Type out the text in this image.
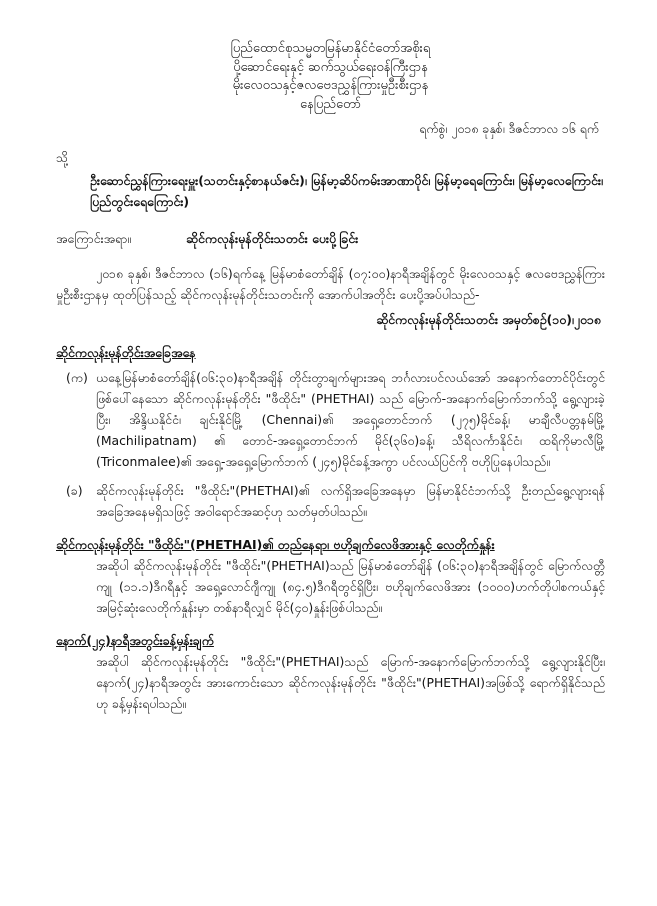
ပြည်ထောင်စုသမ္မတမြန်မာနိုင်ငံတော်အစိုးရ
ပို့ဆောင်ရေးနှင့် ဆက်သွယ်ရေးဝန်ကြီးဌာန
မိုးလေဝသနှင့်ဇလဗေဒညွှန်ကြားမှုဦးစီးဌာန
နေပြည်တော်
ရက်စွဲ၊ ၂၀၁၈ ခုနှစ်၊ ဒီဇင်ဘာလ ၁၆ ရက်
သို့
ဦးဆောင်ညွှန်ကြားရေးမှူး(သတင်းနှင့်စာနယ်ဇင်း)၊ မြန်မာ့ဆိပ်ကမ်းအာဏာပိုင်၊ မြန်မာ့ရေကြောင်း၊ မြန်မာ့လေကြောင်း၊ ပြည်တွင်းရေကြောင်း)
အကြောင်းအရာ။	ဆိုင်ကလုန်းမုန်တိုင်းသတင်း ပေးပို့ခြင်း
၂၀၁၈ ခုနှစ်၊ ဒီဇင်ဘာလ (၁၆)ရက်နေ့ မြန်မာစံတော်ချိန် (၀၇:၀၀)နာရီအချိန်တွင် မိုးလေဝသနှင့် ဇလဗေဒညွှန်ကြားမှုဦးစီးဌာနမှ ထုတ်ပြန်သည့် ဆိုင်ကလုန်းမုန်တိုင်းသတင်းကို အောက်ပါအတိုင်း ပေးပို့အပ်ပါသည်-
ဆိုင်ကလုန်းမုန်တိုင်းသတင်း အမှတ်စဉ်(၁၀)၊၂၀၁၈
ဆိုင်ကလုန်းမုန်တိုင်းအခြေအနေ
(က) ယနေ့မြန်မာစံတော်ချိန်(၀၆:၃၀)နာရီအချိန် တိုင်းတွာချက်များအရ ဘင်္ဂလားပင်လယ်အော် အနောက်တောင်ပိုင်းတွင် ဖြစ်ပေါ်နေသော ဆိုင်ကလုန်းမုန်တိုင်း "ဖီထိုင်း" (PHETHAI) သည် မြောက်-အနောက်မြောက်ဘက်သို့ ရွေ့လျားခဲ့ပြီး၊ အိန္ဒိယနိုင်ငံ၊ ချင်းနိုင်မြို့ (Chennai)၏ အရှေ့တောင်ဘက် (၂၇၅)မိုင်ခန့်၊ မာချီလီပတ္တနမ်မြို့ (Machilipatnam) ၏ တောင်-အရှေ့တောင်ဘက် မိုင်(၃၆၀)ခန့်၊ သီရိလင်္ကာနိုင်ငံ၊ ထရိကိုမာလီမြို့ (Triconmalee)၏ အရှေ့-အရှေ့မြောက်ဘက် (၂၄၅)မိုင်ခန့်အကွာ ပင်လယ်ပြင်ကို ဗဟိုပြုနေပါသည်။
(ခ)	ဆိုင်ကလုန်းမုန်တိုင်း "ဖီထိုင်း"(PHETHAI)၏ လက်ရှိအခြေအနေမှာ မြန်မာနိုင်ငံဘက်သို့ ဦးတည်ရွေ့လျားရန် အခြေအနေမရှိသဖြင့် အဝါရောင်အဆင့်ဟု သတ်မှတ်ပါသည်။
ဆိုင်ကလုန်းမုန်တိုင်း "ဖီထိုင်း"(PHETHAI)၏ တည်နေရာ၊ ဗဟိုချက်လေဖိအားနှင့် လေတိုက်နှုန်း
အဆိုပါ ဆိုင်ကလုန်းမုန်တိုင်း "ဖီထိုင်း"(PHETHAI)သည် မြန်မာစံတော်ချိန် (၀၆:၃၀)နာရီအချိန်တွင် မြောက်လတ္တီကျု (၁၁.၁)ဒီဂရီနှင့် အရှေ့လောင်ဂျီကျု (၈၄.၅)ဒီဂရီတွင်ရှိပြီး၊ ဗဟိုချက်လေဖိအား (၁၀၀၀)ဟက်တိုပါစကယ်နှင့် အမြင့်ဆုံးလေတိုက်နှုန်းမှာ တစ်နာရီလျှင် မိုင်(၄၀)နှုန်းဖြစ်ပါသည်။
နောက်(၂၄)နာရီအတွင်းခန့်မှန်းချက်
အဆိုပါ ဆိုင်ကလုန်းမုန်တိုင်း "ဖီထိုင်း"(PHETHAI)သည် မြောက်-အနောက်မြောက်ဘက်သို့ ရွေ့လျားနိုင်ပြီး၊ နောက်(၂၄)နာရီအတွင်း အားကောင်းသော ဆိုင်ကလုန်းမုန်တိုင်း "ဖီထိုင်း"(PHETHAI)အဖြစ်သို့ ရောက်ရှိနိုင်သည်ဟု ခန့်မှန်းရပါသည်။
